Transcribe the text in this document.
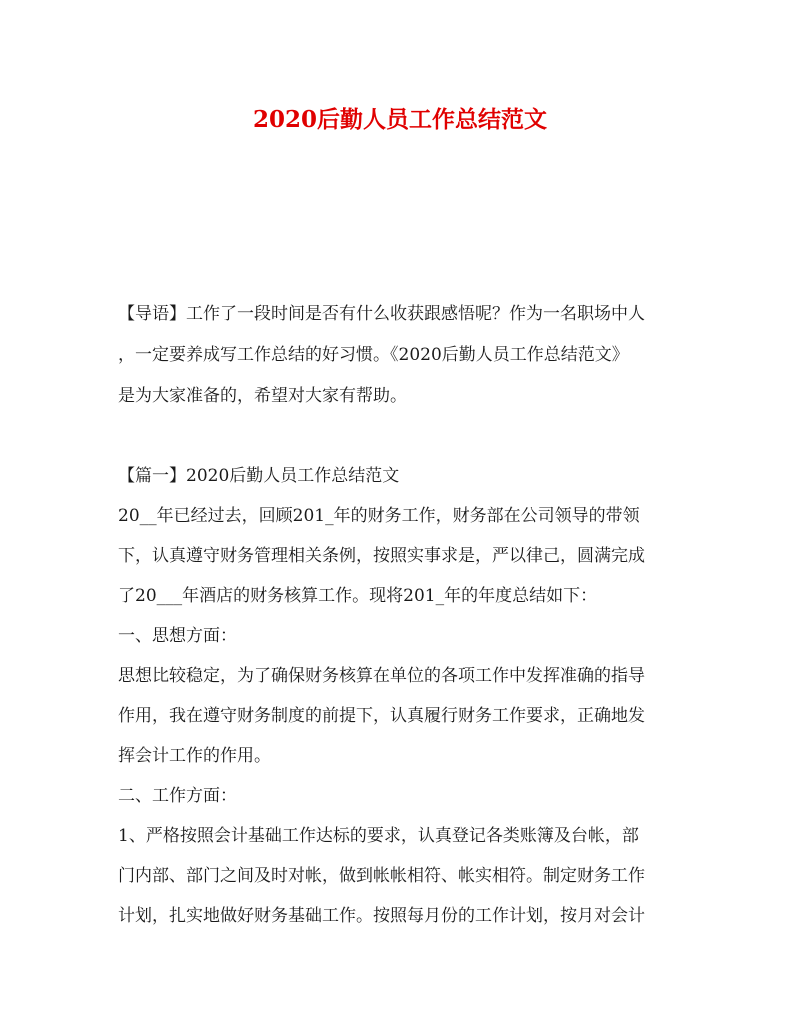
2020后勤人员工作总结范文
【导语】工作了一段时间是否有什么收获跟感悟呢？作为一名职场中人
，一定要养成写工作总结的好习惯。《2020后勤人员工作总结范文》
是为大家准备的，希望对大家有帮助。
【篇一】2020后勤人员工作总结范文
20__年已经过去，回顾201_年的财务工作，财务部在公司领导的带领
下，认真遵守财务管理相关条例，按照实事求是，严以律己，圆满完成
了20___年酒店的财务核算工作。现将201_年的年度总结如下：
一、思想方面：
思想比较稳定，为了确保财务核算在单位的各项工作中发挥准确的指导
作用，我在遵守财务制度的前提下，认真履行财务工作要求，正确地发
挥会计工作的作用。
二、工作方面：
1、严格按照会计基础工作达标的要求，认真登记各类账簿及台帐，部
门内部、部门之间及时对帐，做到帐帐相符、帐实相符。制定财务工作
计划，扎实地做好财务基础工作。按照每月份的工作计划，按月对会计
